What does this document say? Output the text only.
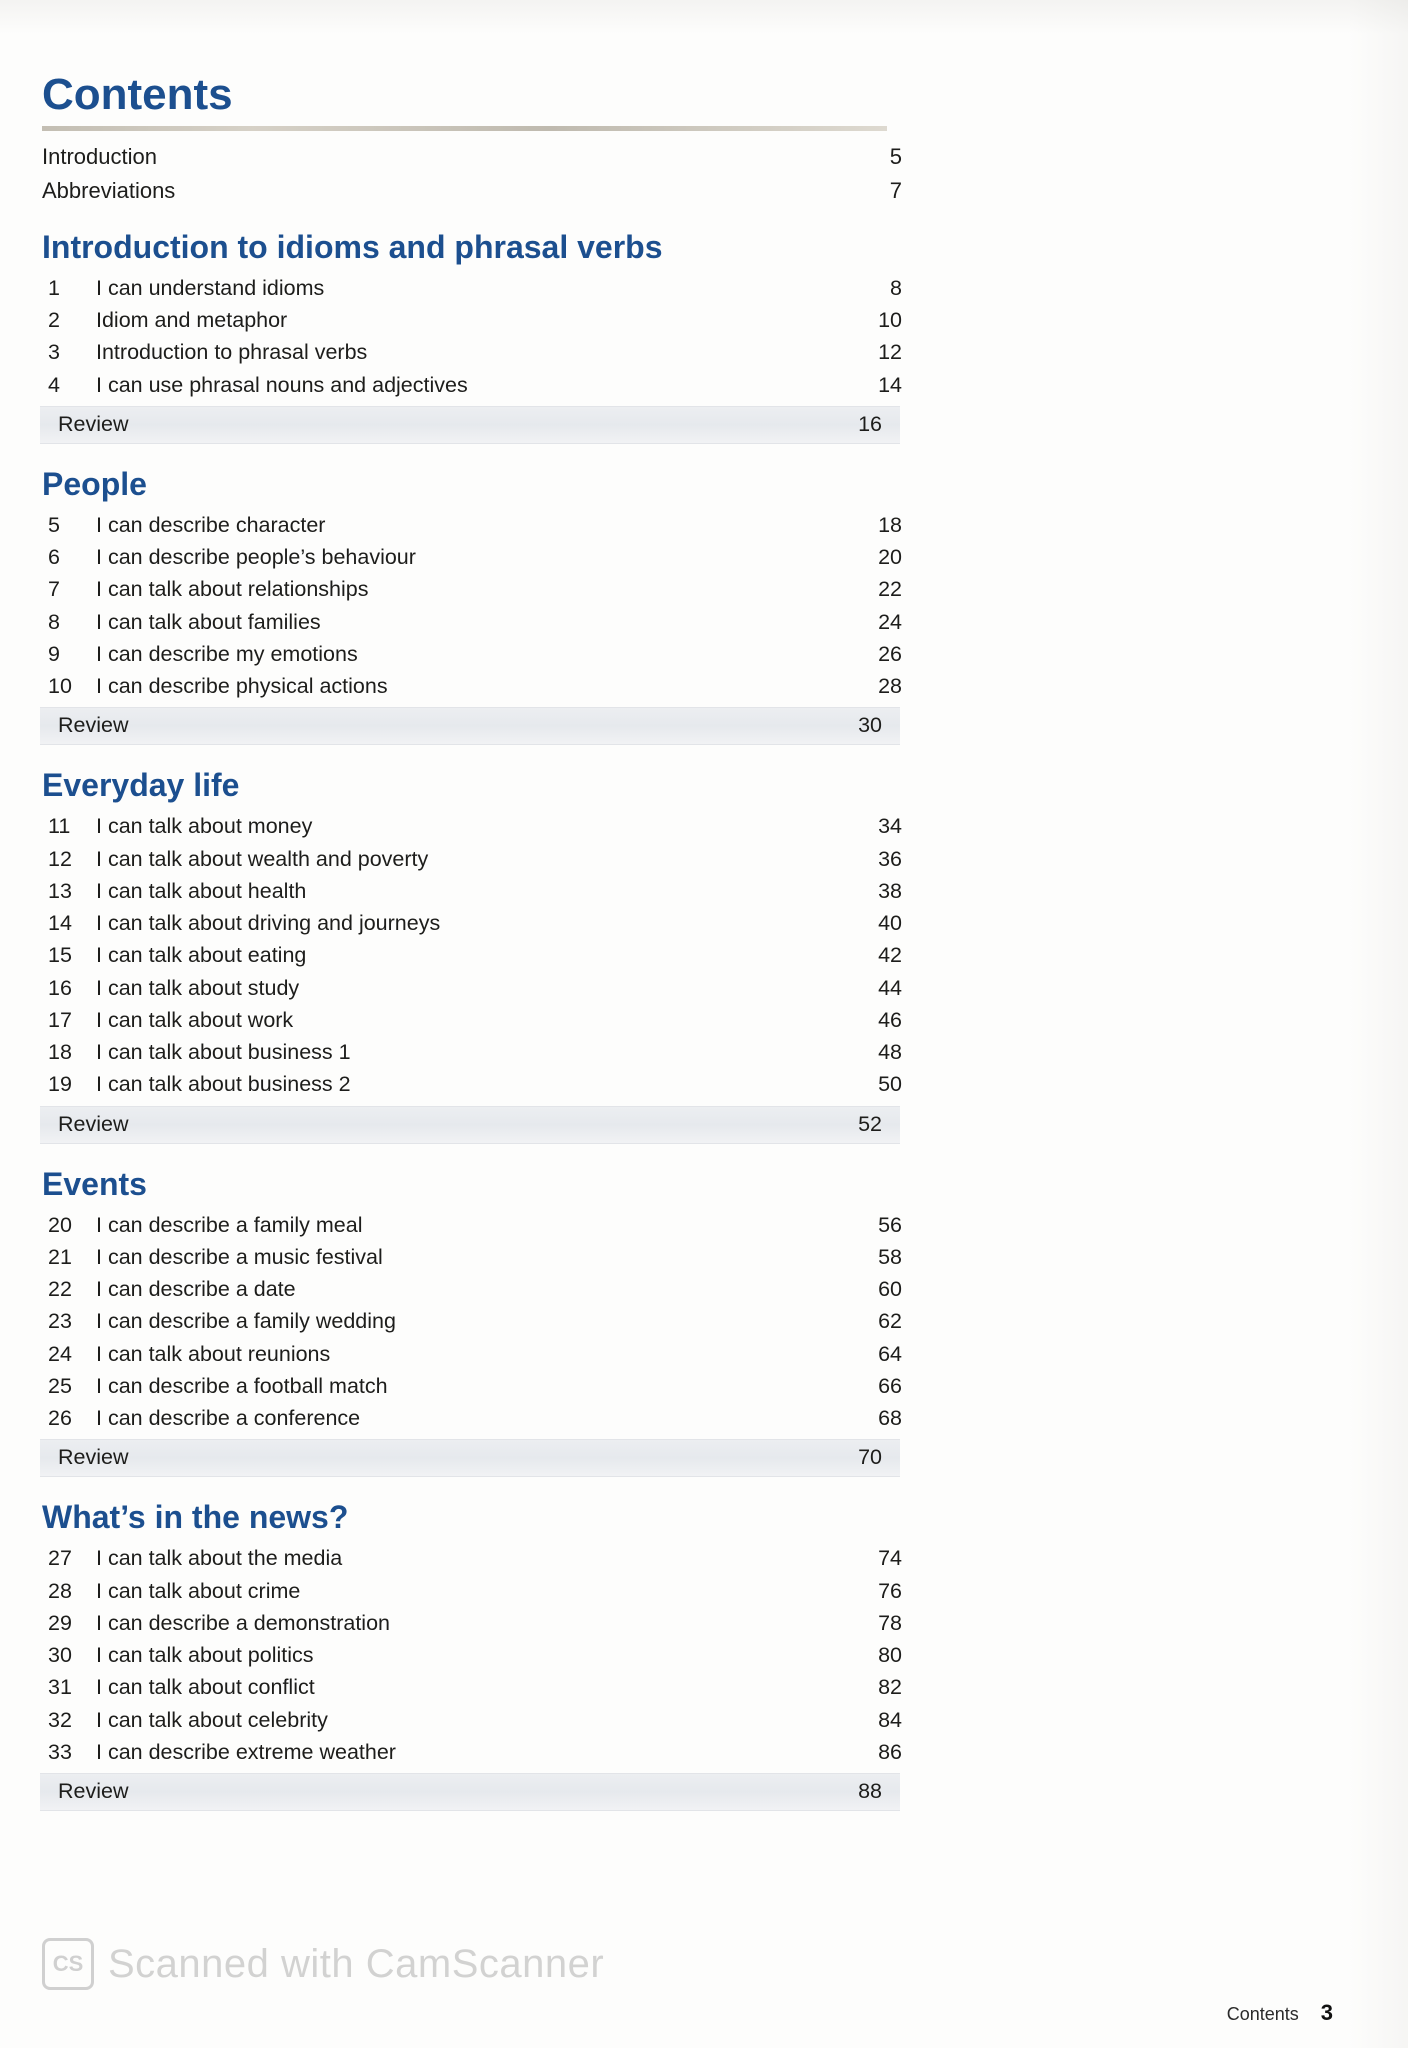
Contents
Introduction	5
Abbreviations	7
Introduction to idioms and phrasal verbs
1	I can understand idioms	8
2	Idiom and metaphor	10
3	Introduction to phrasal verbs	12
4	I can use phrasal nouns and adjectives	14
Review	16
People
5	I can describe character	18
6	I can describe people’s behaviour	20
7	I can talk about relationships	22
8	I can talk about families	24
9	I can describe my emotions	26
10	I can describe physical actions	28
Review	30
Everyday life
11	I can talk about money	34
12	I can talk about wealth and poverty	36
13	I can talk about health	38
14	I can talk about driving and journeys	40
15	I can talk about eating	42
16	I can talk about study	44
17	I can talk about work	46
18	I can talk about business 1	48
19	I can talk about business 2	50
Review	52
Events
20	I can describe a family meal	56
21	I can describe a music festival	58
22	I can describe a date	60
23	I can describe a family wedding	62
24	I can talk about reunions	64
25	I can describe a football match	66
26	I can describe a conference	68
Review	70
What’s in the news?
27	I can talk about the media	74
28	I can talk about crime	76
29	I can describe a demonstration	78
30	I can talk about politics	80
31	I can talk about conflict	82
32	I can talk about celebrity	84
33	I can describe extreme weather	86
Review	88

CS Scanned with CamScanner
Contents 3
